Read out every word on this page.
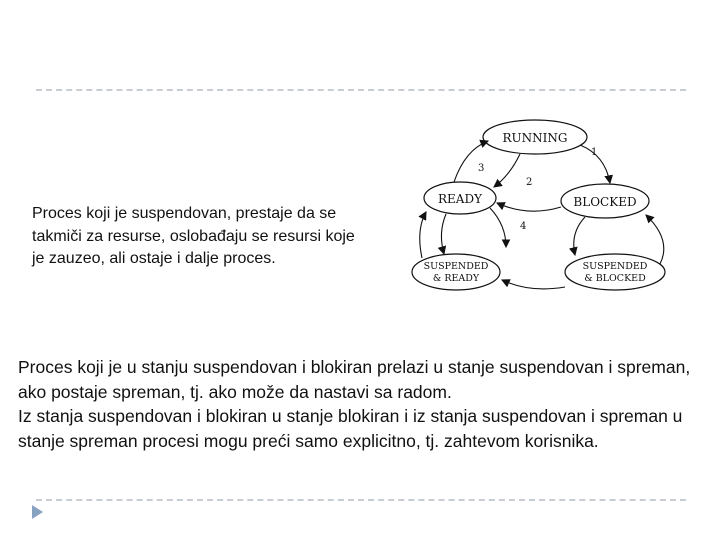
Proces koji je suspendovan, prestaje da se takmiči za resurse, oslobađaju se resursi koje je zauzeo, ali ostaje i dalje proces.

RUNNING
READY	BLOCKED
SUSPENDED
& READY
SUSPENDED
& BLOCKED
1
2
3
4

Proces koji je u stanju suspendovan i blokiran prelazi u stanje suspendovan i spreman, ako postaje spreman, tj. ako može da nastavi sa radom.
Iz stanja suspendovan i blokiran u stanje blokiran i iz stanja suspendovan i spreman u stanje spreman procesi mogu preći samo explicitno, tj. zahtevom korisnika.
